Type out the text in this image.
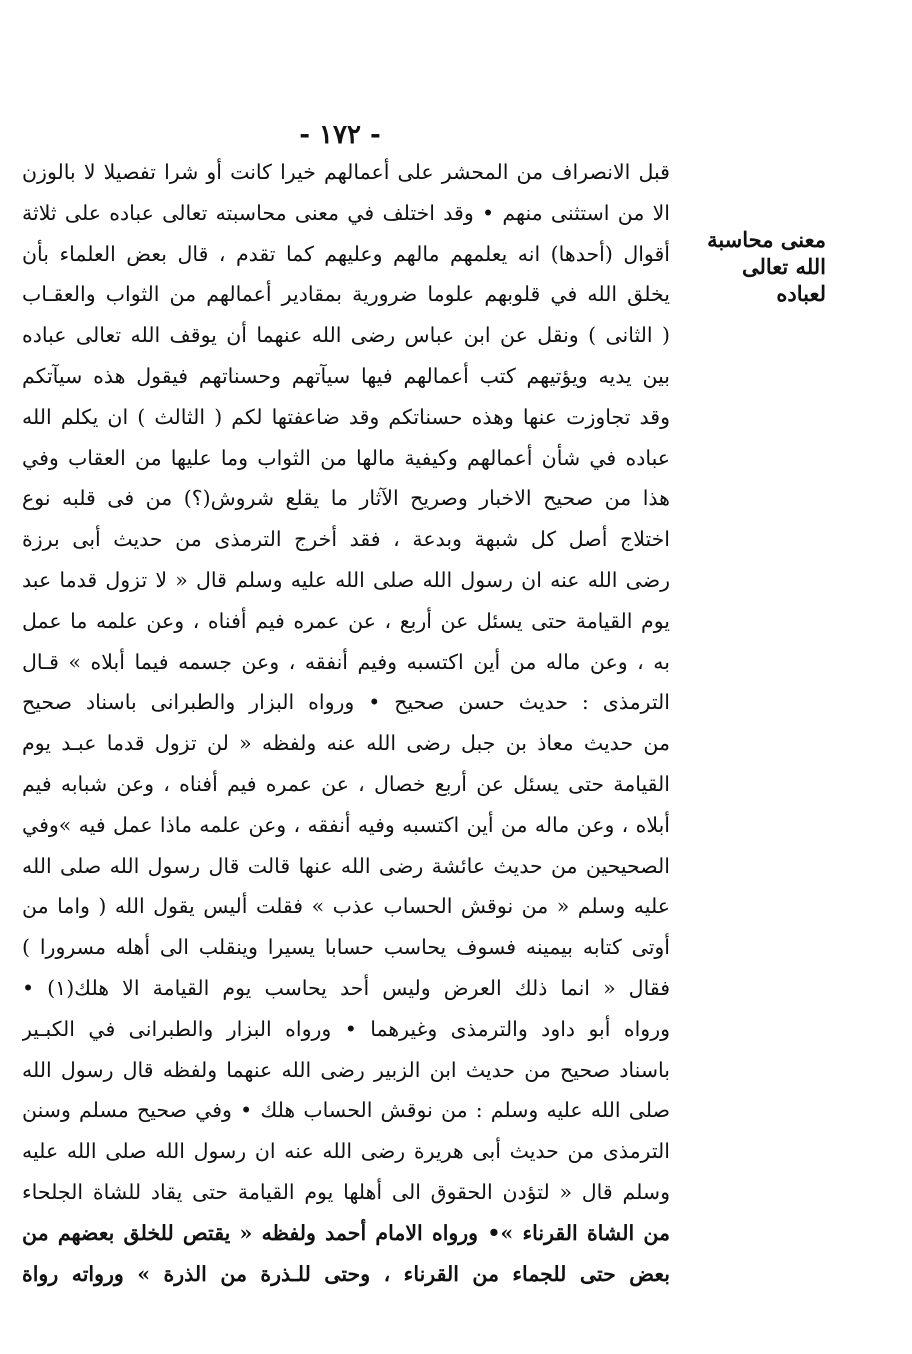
- ١٧٢ -
معنى محاسبة
الله تعالى
لعباده
قبل الانصراف من المحشر على أعمالهم خيرا كانت أو شرا تفصيلا لا بالوزن
الا من استثنى منهم • وقد اختلف في معنى محاسبته تعالى عباده على ثلاثة
أقوال (أحدها) انه يعلمهم مالهم وعليهم كما تقدم ، قال بعض العلماء بأن
يخلق الله في قلوبهم علوما ضرورية بمقادير أعمالهم من الثواب والعقـاب
( الثانى ) ونقل عن ابن عباس رضى الله عنهما أن يوقف الله تعالى عباده
بين يديه ويؤتيهم كتب أعمالهم فيها سيآتهم وحسناتهم فيقول هذه سيآتكم
وقد تجاوزت عنها وهذه حسناتكم وقد ضاعفتها لكم ( الثالث ) ان يكلم الله
عباده في شأن أعمالهم وكيفية مالها من الثواب وما عليها من العقاب وفي
هذا من صحيح الاخبار وصريح الآثار ما يقلع شروش(؟) من فى قلبه نوع
اختلاج أصل كل شبهة وبدعة ، فقد أخرج الترمذى من حديث أبى برزة
رضى الله عنه ان رسول الله صلى الله عليه وسلم قال « لا تزول قدما عبد
يوم القيامة حتى يسئل عن أربع ، عن عمره فيم أفناه ، وعن علمه ما عمل
به ، وعن ماله من أين اكتسبه وفيم أنفقه ، وعن جسمه فيما أبلاه » قـال
الترمذى : حديث حسن صحيح • ورواه البزار والطبرانى باسناد صحيح
من حديث معاذ بن جبل رضى الله عنه ولفظه « لن تزول قدما عبـد يوم
القيامة حتى يسئل عن أربع خصال ، عن عمره فيم أفناه ، وعن شبابه فيم
أبلاه ، وعن ماله من أين اكتسبه وفيه أنفقه ، وعن علمه ماذا عمل فيه »وفي
الصحيحين من حديث عائشة رضى الله عنها قالت قال رسول الله صلى الله
عليه وسلم « من نوقش الحساب عذب » فقلت أليس يقول الله ( واما من
أوتى كتابه بيمينه فسوف يحاسب حسابا يسيرا وينقلب الى أهله مسرورا )
فقال « انما ذلك العرض وليس أحد يحاسب يوم القيامة الا هلك(١) •
ورواه أبو داود والترمذى وغيرهما • ورواه البزار والطبرانى في الكبـير
باسناد صحيح من حديث ابن الزبير رضى الله عنهما ولفظه قال رسول الله
صلى الله عليه وسلم : من نوقش الحساب هلك • وفي صحيح مسلم وسنن
الترمذى من حديث أبى هريرة رضى الله عنه ان رسول الله صلى الله عليه
وسلم قال « لتؤدن الحقوق الى أهلها يوم القيامة حتى يقاد للشاة الجلحاء
من الشاة القرناء »• ورواه الامام أحمد ولفظه « يقتص للخلق بعضهم من
بعض حتى للجماء من القرناء ، وحتى للـذرة من الذرة » ورواته رواة
